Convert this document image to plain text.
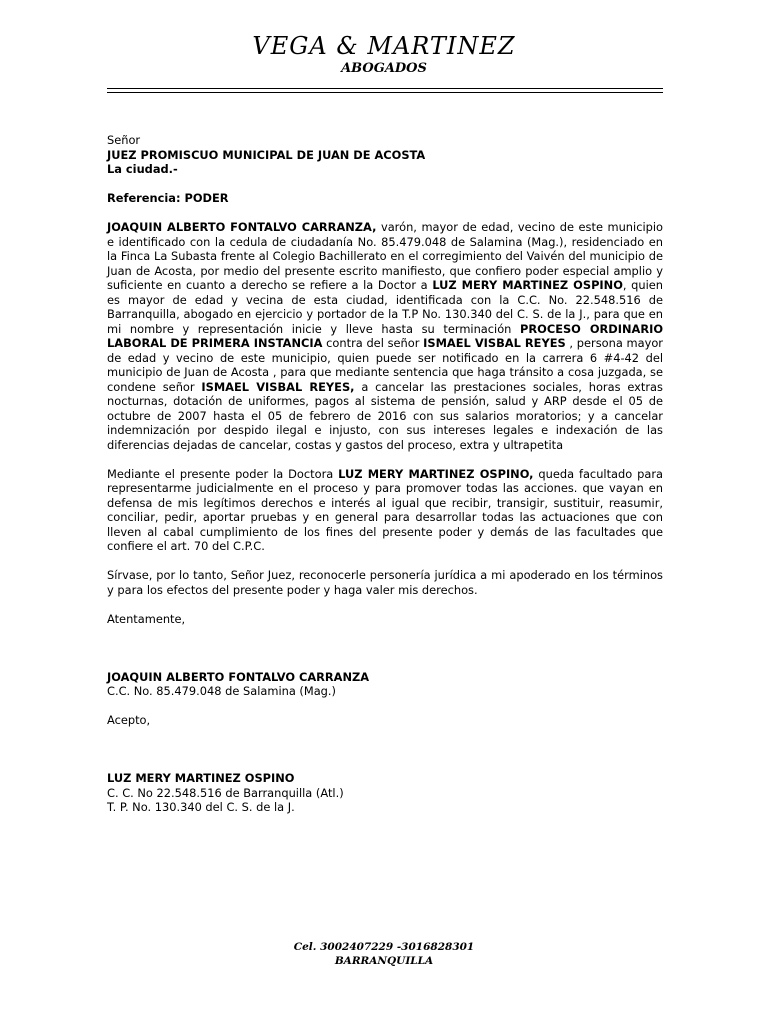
VEGA & MARTINEZ
ABOGADOS

Señor

JUEZ PROMISCUO MUNICIPAL DE JUAN DE ACOSTA

La ciudad.-

Referencia: PODER

JOAQUIN ALBERTO FONTALVO CARRANZA, varón, mayor de edad, vecino de este municipio e identificado con la cedula de ciudadanía No. 85.479.048 de Salamina (Mag.), residenciado en la Finca La Subasta frente al Colegio Bachillerato en el corregimiento del Vaivén del municipio de Juan de Acosta, por medio del presente escrito manifiesto, que confiero poder especial amplio y suficiente en cuanto a derecho se refiere a la Doctor a LUZ MERY MARTINEZ OSPINO, quien es mayor de edad y vecina de esta ciudad, identificada con la C.C. No. 22.548.516 de Barranquilla, abogado en ejercicio y portador de la T.P No. 130.340 del C. S. de la J., para que en mi nombre y representación inicie y lleve hasta su terminación PROCESO ORDINARIO LABORAL DE PRIMERA INSTANCIA contra del señor ISMAEL VISBAL REYES , persona mayor de edad y vecino de este municipio, quien puede ser notificado en la carrera 6 #4-42 del municipio de Juan de Acosta , para que mediante sentencia que haga tránsito a cosa juzgada, se condene señor ISMAEL VISBAL REYES, a cancelar las prestaciones sociales, horas extras nocturnas, dotación de uniformes, pagos al sistema de pensión, salud y ARP desde el 05 de octubre de 2007 hasta el 05 de febrero de 2016 con sus salarios moratorios; y a cancelar indemnización por despido ilegal e injusto, con sus intereses legales e indexación de las diferencias dejadas de cancelar, costas y gastos del proceso, extra y ultrapetita

Mediante el presente poder la Doctora LUZ MERY MARTINEZ OSPINO, queda facultado para representarme judicialmente en el proceso y para promover todas las acciones. que vayan en defensa de mis legítimos derechos e interés al igual que recibir, transigir, sustituir, reasumir, conciliar, pedir, aportar pruebas y en general para desarrollar todas las actuaciones que con lleven al cabal cumplimiento de los fines del presente poder y demás de las facultades que confiere el art. 70 del C.P.C.

Sírvase, por lo tanto, Señor Juez, reconocerle personería jurídica a mi apoderado en los términos y para los efectos del presente poder y haga valer mis derechos.

Atentamente,

JOAQUIN ALBERTO FONTALVO CARRANZA

C.C. No. 85.479.048 de Salamina (Mag.)

Acepto,

LUZ MERY MARTINEZ OSPINO

C. C. No 22.548.516 de Barranquilla (Atl.)

T. P. No. 130.340 del C. S. de la J.

Cel. 3002407229 -3016828301
BARRANQUILLA
